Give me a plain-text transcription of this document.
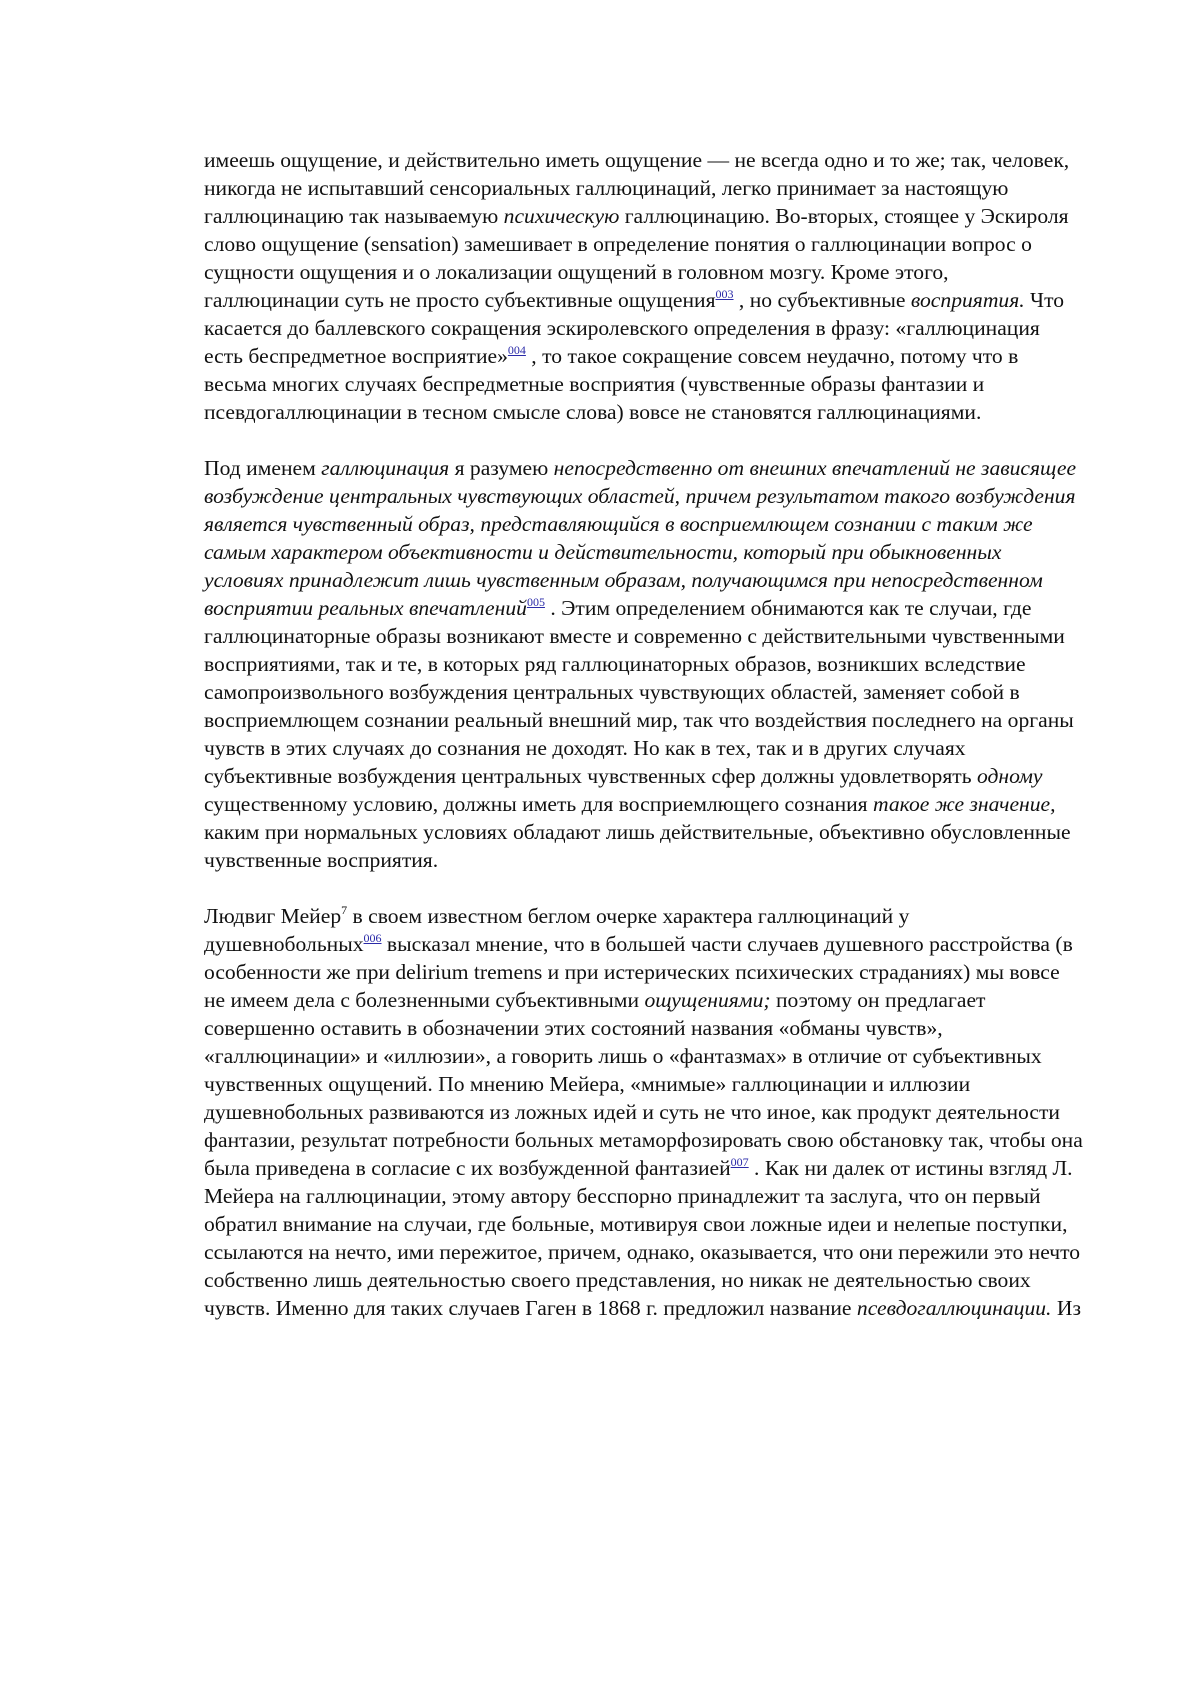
имеешь ощущение, и действительно иметь ощущение — не всегда одно и то же; так, человек, никогда не испытавший сенсориальных галлюцинаций, легко принимает за настоящую галлюцинацию так называемую психическую галлюцинацию. Во-вторых, стоящее у Эскироля слово ощущение (sensation) замешивает в определение понятия о галлюцинации вопрос о сущности ощущения и о локализации ощущений в головном мозгу. Кроме этого, галлюцинации суть не просто субъективные ощущения$^{003}$ , но субъективные восприятия. Что касается до баллевского сокращения эскиролевского определения в фразу: «галлюцинация есть беспредметное восприятие»$^{004}$ , то такое сокращение совсем неудачно, потому что в весьма многих случаях беспредметные восприятия (чувственные образы фантазии и псевдогаллюцинации в тесном смысле слова) вовсе не становятся галлюцинациями.

Под именем галлюцинация я разумею непосредственно от внешних впечатлений не зависящее возбуждение центральных чувствующих областей, причем результатом такого возбуждения является чувственный образ, представляющийся в восприемлющем сознании с таким же самым характером объективности и действительности, который при обыкновенных условиях принадлежит лишь чувственным образам, получающимся при непосредственном восприятии реальных впечатлений$^{005}$ . Этим определением обнимаются как те случаи, где галлюцинаторные образы возникают вместе и современно с действительными чувственными восприятиями, так и те, в которых ряд галлюцинаторных образов, возникших вследствие самопроизвольного возбуждения центральных чувствующих областей, заменяет собой в восприемлющем сознании реальный внешний мир, так что воздействия последнего на органы чувств в этих случаях до сознания не доходят. Но как в тех, так и в других случаях субъективные возбуждения центральных чувственных сфер должны удовлетворять одному существенному условию, должны иметь для восприемлющего сознания такое же значение, каким при нормальных условиях обладают лишь действительные, объективно обусловленные чувственные восприятия.

Людвиг Мейер$^7$ в своем известном беглом очерке характера галлюцинаций у душевнобольных$^{006}$ высказал мнение, что в большей части случаев душевного расстройства (в особенности же при delirium tremens и при истерических психических страданиях) мы вовсе не имеем дела с болезненными субъективными ощущениями; поэтому он предлагает совершенно оставить в обозначении этих состояний названия «обманы чувств», «галлюцинации» и «иллюзии», а говорить лишь о «фантазмах» в отличие от субъективных чувственных ощущений. По мнению Мейера, «мнимые» галлюцинации и иллюзии душевнобольных развиваются из ложных идей и суть не что иное, как продукт деятельности фантазии, результат потребности больных метаморфозировать свою обстановку так, чтобы она была приведена в согласие с их возбужденной фантазией$^{007}$ . Как ни далек от истины взгляд Л. Мейера на галлюцинации, этому автору бесспорно принадлежит та заслуга, что он первый обратил внимание на случаи, где больные, мотивируя свои ложные идеи и нелепые поступки, ссылаются на нечто, ими пережитое, причем, однако, оказывается, что они пережили это нечто собственно лишь деятельностью своего представления, но никак не деятельностью своих чувств. Именно для таких случаев Гаген в 1868 г. предложил название псевдогаллюцинации. Из
